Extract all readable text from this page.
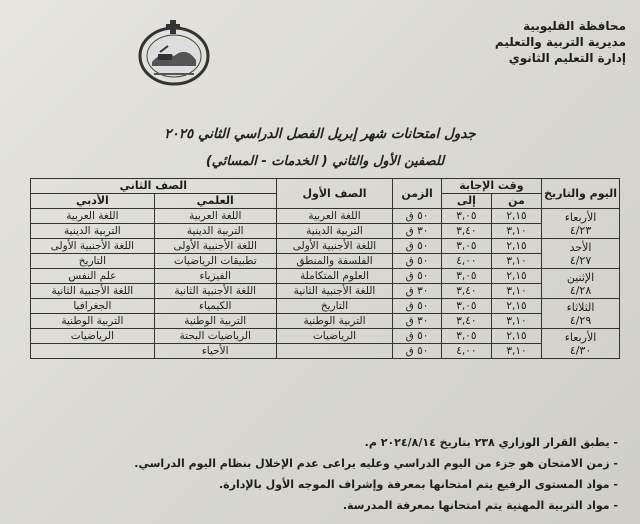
محافظة القليوبية
مديرية التربية والتعليم
إدارة التعليم الثانوي
جدول امتحانات شهر إبريل الفصل الدراسي الثاني ٢٠٢٥
للصفين الأول والثاني ( الخدمات - المسائي)
اليوم والتاريخ	وقت الإجابة		الزمن	الصف الأول	الصف الثاني	
	من	إلى			العلمي	الأدبي

الأربعاء
٤/٢٣	٢,١٥	٣,٠٥	٥٠ ق	اللغة العربية	اللغة العربية	اللغة العربية
	٣,١٠	٣,٤٠	٣٠ ق	التربية الدينية	التربية الدينية	التربية الدينية

الأحد
٤/٢٧	٢,١٥	٣,٠٥	٥٠ ق	اللغة الأجنبية الأولى	اللغة الأجنبية الأولى	اللغة الأجنبية الأولى
	٣,١٠	٤,٠٠	٥٠ ق	الفلسفة والمنطق	تطبيقات الرياضيات	التاريخ

الإثنين
٤/٢٨	٢,١٥	٣,٠٥	٥٠ ق	العلوم المتكاملة	الفيزياء	علم النفس
	٣,١٠	٣,٤٠	٣٠ ق	اللغة الأجنبية الثانية	اللغة الأجنبية الثانية	اللغة الأجنبية الثانية

الثلاثاء
٤/٢٩	٢,١٥	٣,٠٥	٥٠ ق	التاريخ	الكيمياء	الجغرافيا
	٣,١٠	٣,٤٠	٣٠ ق	التربية الوطنية	التربية الوطنية	التربية الوطنية

الأربعاء
٤/٣٠	٢,١٥	٣,٠٥	٥٠ ق	الرياضيات	الرياضيات البحتة	الرياضيات
	٣,١٠	٤,٠٠	٥٠ ق		الأحياء	
- يطبق القرار الوزاري ٢٣٨ بتاريخ ٢٠٢٤/٨/١٤ م.
- زمن الامتحان هو جزء من اليوم الدراسي وعليه يراعى عدم الإخلال بنظام اليوم الدراسي.
- مواد المستوى الرفيع يتم امتحانها بمعرفة وإشراف الموجه الأول بالإدارة.
- مواد التربية المهنية يتم امتحانها بمعرفة المدرسة.
